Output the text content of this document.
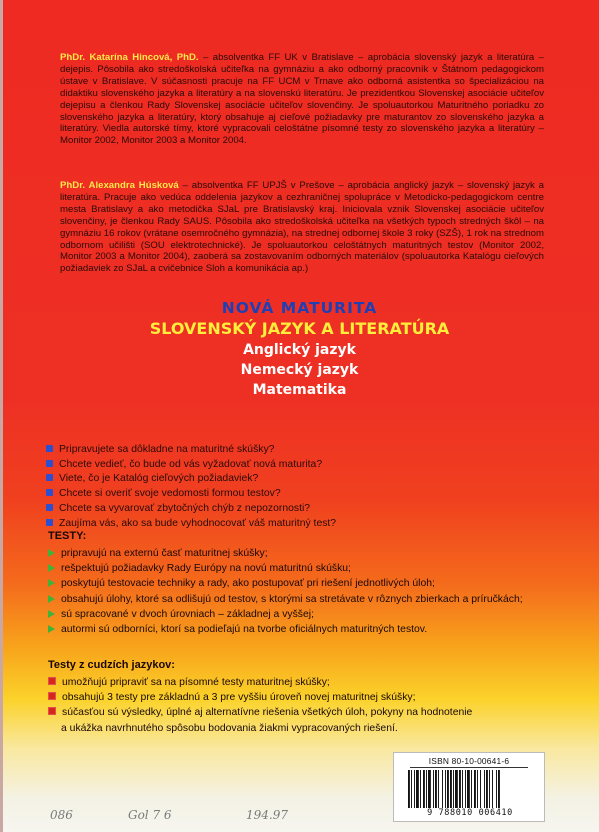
PhDr. Katarína Hincová, PhD. – absolventka FF UK v Bratislave – aprobácia slovenský jazyk a literatúra – dejepis. Pôsobila ako stredoškolská učiteľka na gymnáziu a ako odborný pracovník v Štátnom pedagogickom ústave v Bratislave. V súčasnosti pracuje na FF UCM v Trnave ako odborná asistentka so špecializáciou na didaktiku slovenského jazyka a literatúry a na slovenskú literatúru. Je prezidentkou Slovenskej asociácie učiteľov dejepisu a členkou Rady Slovenskej asociácie učiteľov slovenčiny. Je spoluautorkou Maturitného poriadku zo slovenského jazyka a literatúry, ktorý obsahuje aj cieľové požiadavky pre maturantov zo slovenského jazyka a literatúry. Viedla autorské tímy, ktoré vypracovali celoštátne písomné testy zo slovenského jazyka a literatúry – Monitor 2002, Monitor 2003 a Monitor 2004.

PhDr. Alexandra Húsková – absolventka FF UPJŠ v Prešove – aprobácia anglický jazyk – slovenský jazyk a literatúra. Pracuje ako vedúca oddelenia jazykov a cezhraničnej spolupráce v Metodicko-pedagogickom centre mesta Bratislavy a ako metodička SJaL pre Bratislavský kraj. Iniciovala vznik Slovenskej asociácie učiteľov slovenčiny, je členkou Rady SAUS. Pôsobila ako stredoškolská učiteľka na všetkých typoch stredných škôl – na gymnáziu 16 rokov (vrátane osemročného gymnázia), na strednej odbornej škole 3 roky (SZŠ), 1 rok na strednom odbornom učilišti (SOU elektrotechnické). Je spoluautorkou celoštátnych maturitných testov (Monitor 2002, Monitor 2003 a Monitor 2004), zaoberá sa zostavovaním odborných materiálov (spoluautorka Katalógu cieľových požiadaviek zo SJaL a cvičebnice Sloh a komunikácia ap.)

NOVÁ MATURITA
SLOVENSKÝ JAZYK A LITERATÚRA
Anglický jazyk
Nemecký jazyk
Matematika
Pripravujete sa dôkladne na maturitné skúšky?
Chcete vedieť, čo bude od vás vyžadovať nová maturita?
Viete, čo je Katalóg cieľových požiadaviek?
Chcete si overiť svoje vedomosti formou testov?
Chcete sa vyvarovať zbytočných chýb z nepozornosti?
Zaujíma vás, ako sa bude vyhodnocovať váš maturitný test?
TESTY:
pripravujú na externú časť maturitnej skúšky;
rešpektujú požiadavky Rady Európy na novú maturitnú skúšku;
poskytujú testovacie techniky a rady, ako postupovať pri riešení jednotlivých úloh;
obsahujú úlohy, ktoré sa odlišujú od testov, s ktorými sa stretávate v rôznych zbierkach a príručkách;
sú spracované v dvoch úrovniach – základnej a vyššej;
autormi sú odborníci, ktorí sa podieľajú na tvorbe oficiálnych maturitných testov.
Testy z cudzích jazykov:
umožňujú pripraviť sa na písomné testy maturitnej skúšky;
obsahujú 3 testy pre základnú a 3 pre vyššiu úroveň novej maturitnej skúšky;
súčasťou sú výsledky, úplné aj alternatívne riešenia všetkých úloh, pokyny na hodnotenie
a ukážka navrhnutého spôsobu bodovania žiakmi vypracovaných riešení.
ISBN 80-10-00641-6
9 788010 006410
086	Gol 7 6	194.97
